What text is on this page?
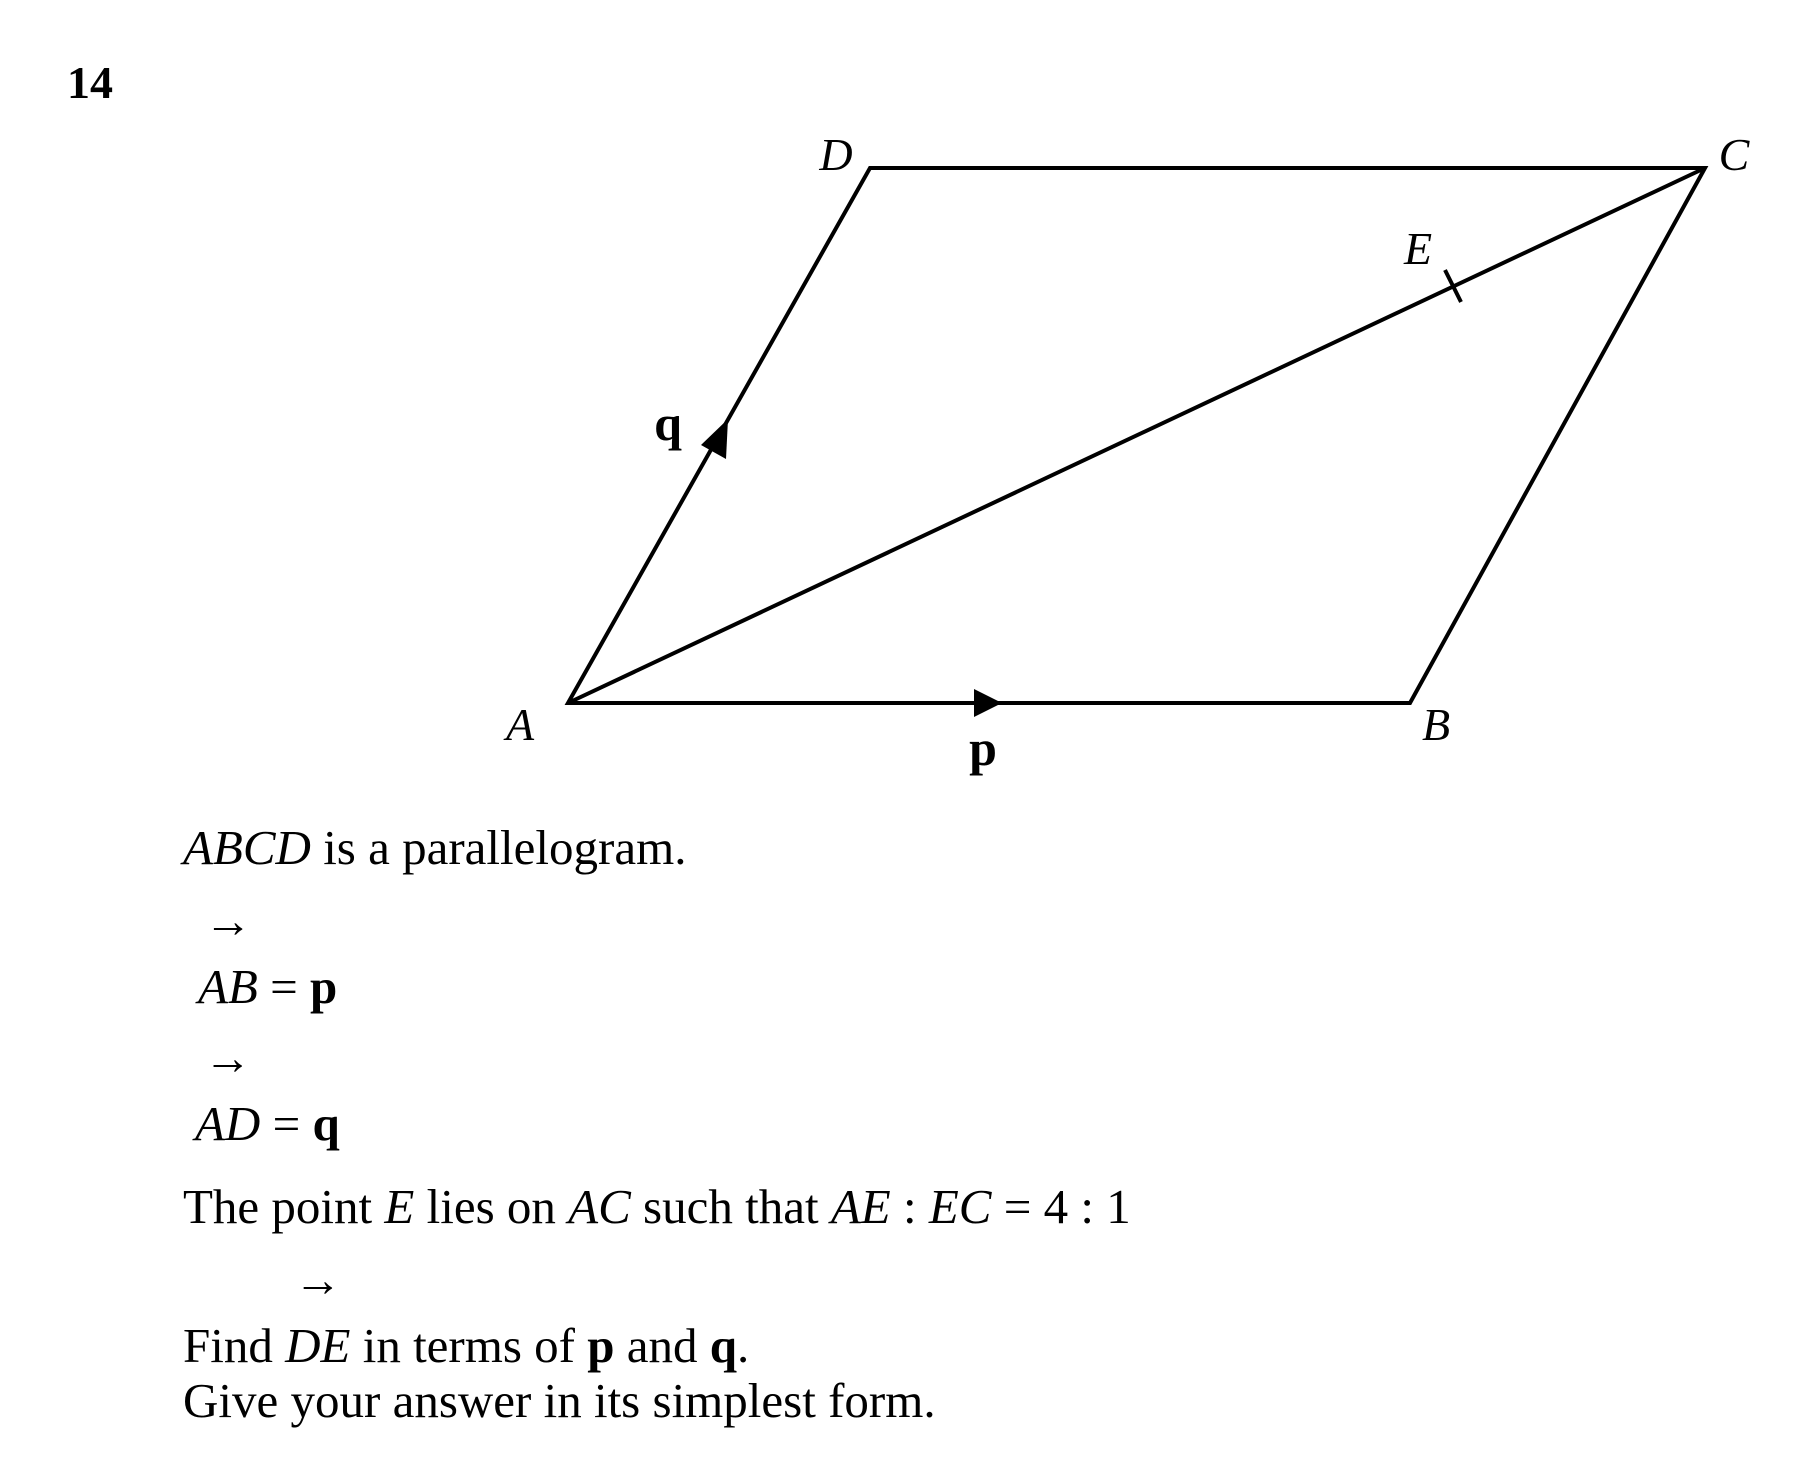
14
A	B
C
D
E
p
q
ABCD is a parallelogram.
→
AB = p
→
AD = q
The point E lies on AC such that AE : EC = 4 : 1
Find
→
DE in terms of p and q.
Give your answer in its simplest form.
